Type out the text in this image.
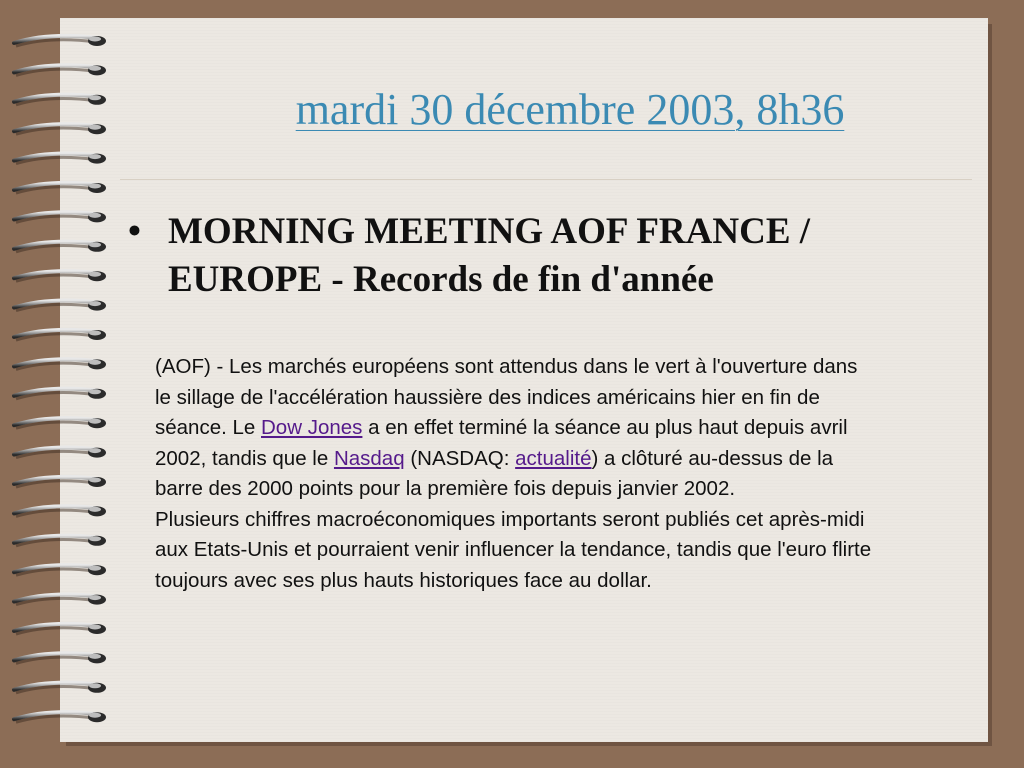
mardi 30 décembre 2003, 8h36
• MORNING MEETING AOF FRANCE / EUROPE - Records de fin d'année

(AOF) - Les marchés européens sont attendus dans le vert à l'ouverture dans le sillage de l'accélération haussière des indices américains hier en fin de séance. Le Dow Jones a en effet terminé la séance au plus haut depuis avril 2002, tandis que le Nasdaq (NASDAQ: actualité) a clôturé au-dessus de la barre des 2000 points pour la première fois depuis janvier 2002.

Plusieurs chiffres macroéconomiques importants seront publiés cet après-midi aux Etats-Unis et pourraient venir influencer la tendance, tandis que l'euro flirte toujours avec ses plus hauts historiques face au dollar.
